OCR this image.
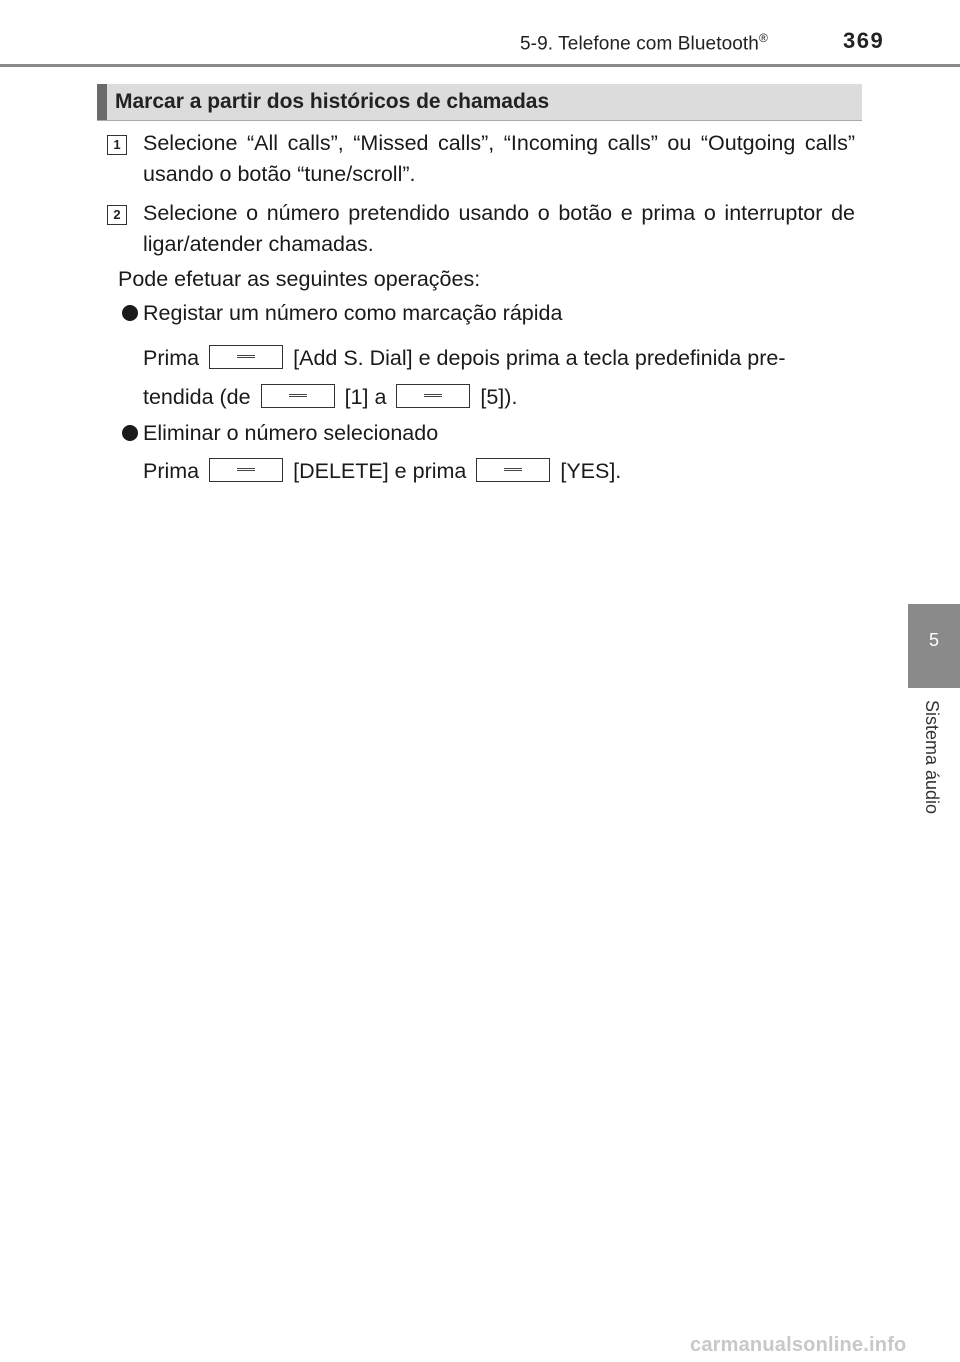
5-9. Telefone com Bluetooth®	369
Marcar a partir dos históricos de chamadas
1 Selecione “All calls”, “Missed calls”, “Incoming calls” ou “Outgoing calls” usando o botão “tune/scroll”.
2 Selecione o número pretendido usando o botão e prima o interruptor de ligar/atender chamadas.
Pode efetuar as seguintes operações:
Registar um número como marcação rápida
Prima	[Add S. Dial] e depois prima a tecla predefinida pre-
tendida (de	[1] a	[5]).
Eliminar o número selecionado
Prima	[DELETE] e prima	[YES].
5
Sistema áudio
carmanualsonline.info
